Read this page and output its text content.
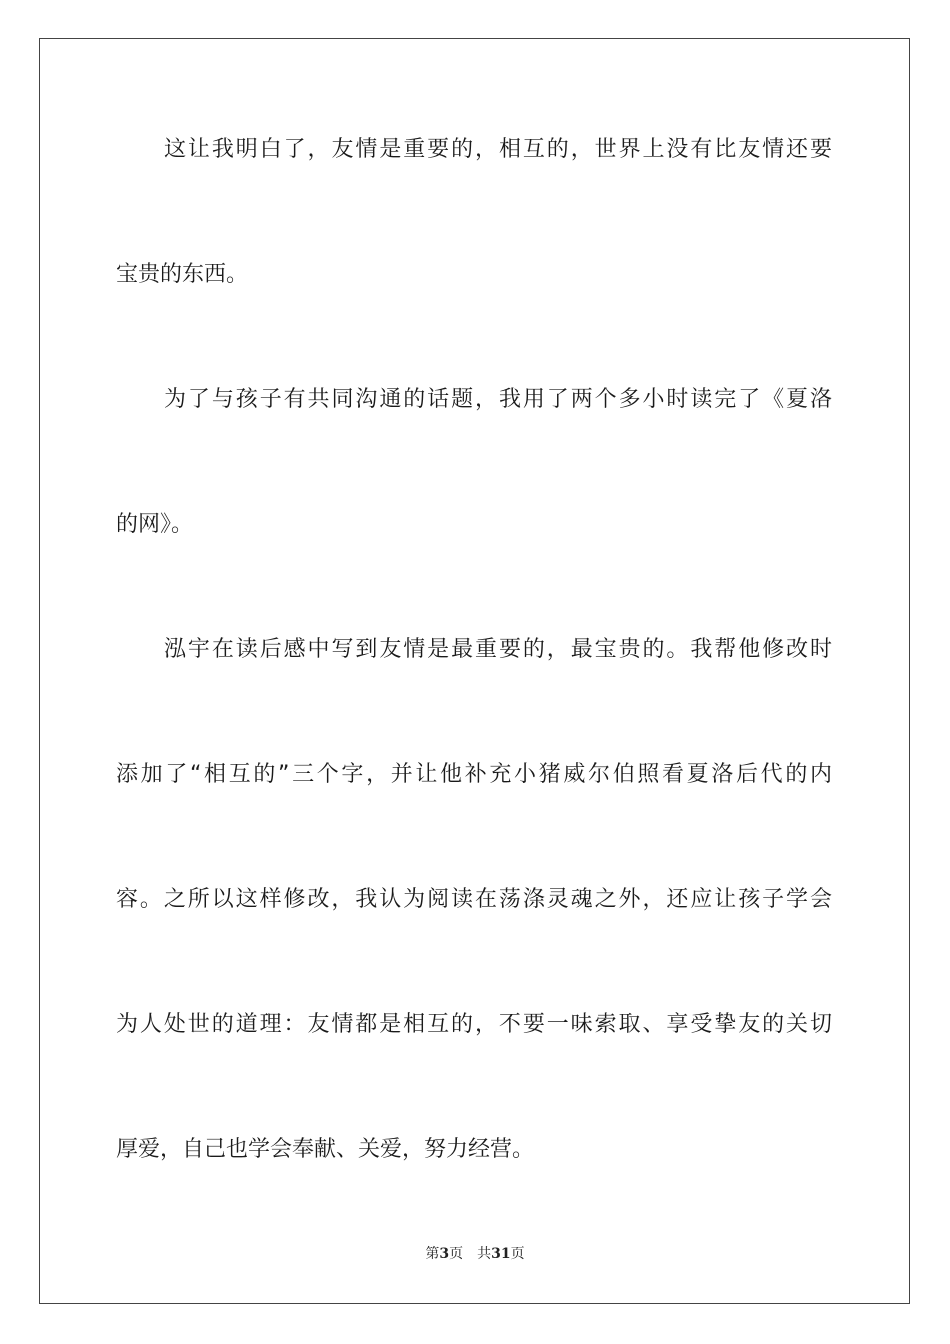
这让我明白了，友情是重要的，相互的，世界上没有比友情还要
宝贵的东西。
为了与孩子有共同沟通的话题，我用了两个多小时读完了《夏洛
的网》。
泓宇在读后感中写到友情是最重要的，最宝贵的。我帮他修改时
添加了“相互的”三个字，并让他补充小猪威尔伯照看夏洛后代的内
容。之所以这样修改，我认为阅读在荡涤灵魂之外，还应让孩子学会
为人处世的道理：友情都是相互的，不要一味索取、享受挚友的关切
厚爱，自己也学会奉献、关爱，努力经营。
第3页 共31页
